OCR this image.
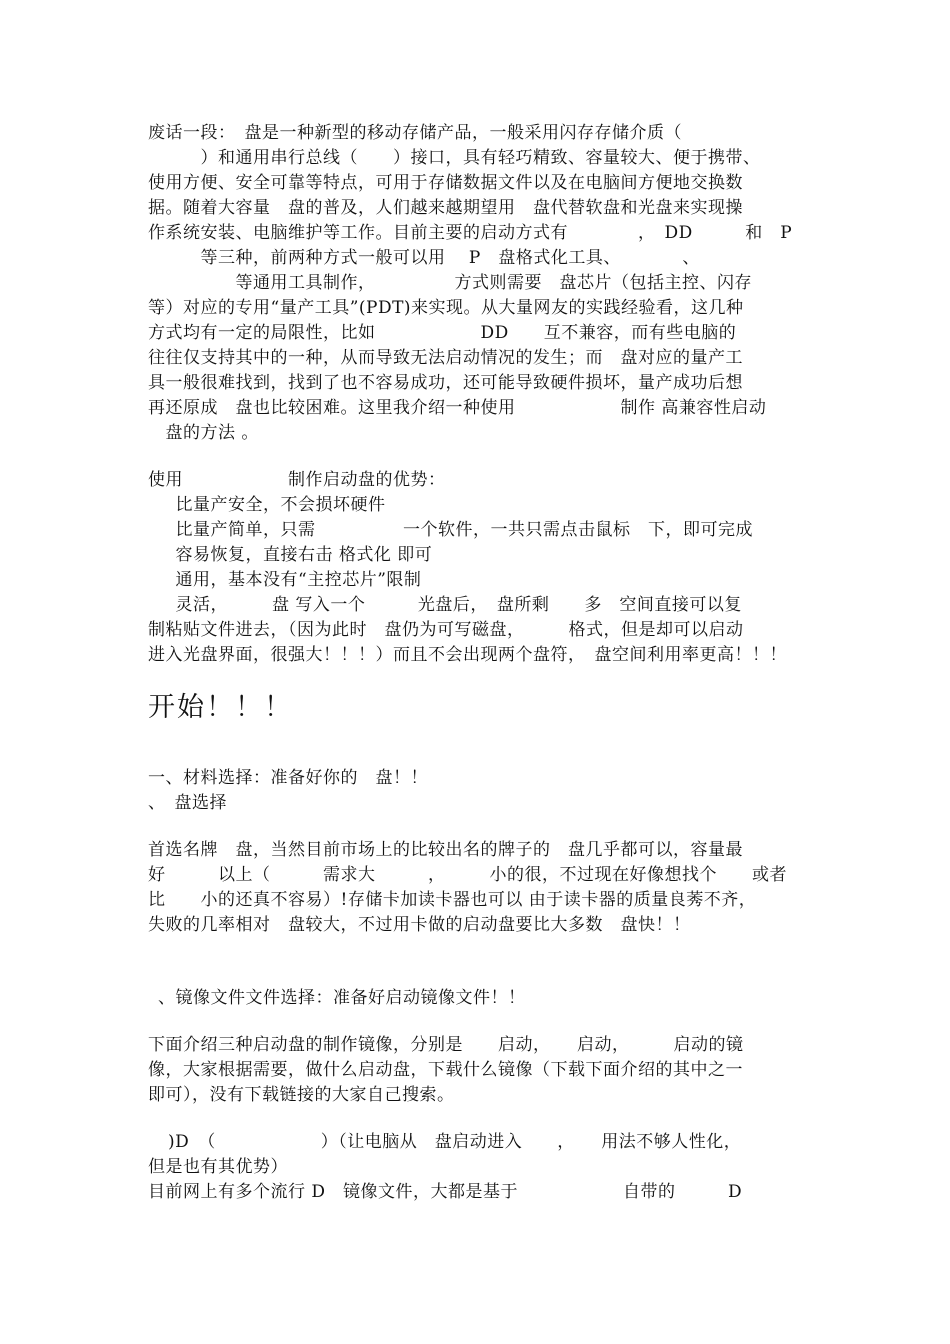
废话一段：　盘是一种新型的移动存储产品，一般采用闪存存储介质（
　　　）和通用串行总线（　　）接口，具有轻巧精致、容量较大、便于携带、
使用方便、安全可靠等特点，可用于存储数据文件以及在电脑间方便地交换数
据。随着大容量　盘的普及，人们越来越期望用　盘代替软盘和光盘来实现操
作系统安装、电脑维护等工作。目前主要的启动方式有　　　　，　DD　　　和　P
　　　等三种，前两种方式一般可以用　 P　盘格式化工具、　　　　、
　　　　　等通用工具制作，　　　　　方式则需要　盘芯片（包括主控、闪存
等）对应的专用“量产工具”(PDT)来实现。从大量网友的实践经验看，这几种
方式均有一定的局限性，比如　　　　　　DD　　互不兼容，而有些电脑的
往往仅支持其中的一种，从而导致无法启动情况的发生；而　盘对应的量产工
具一般很难找到，找到了也不容易成功，还可能导致硬件损坏，量产成功后想
再还原成　盘也比较困难。这里我介绍一种使用　　　　　　制作 高兼容性启动
　盘的方法 。
使用　　　　　　制作启动盘的优势：
　比量产安全，不会损坏硬件
　比量产简单，只需　　　　　一个软件，一共只需点击鼠标　下，即可完成
　容易恢复，直接右击 格式化 即可
　通用，基本没有“主控芯片”限制
　灵活，　　　盘 写入一个　　　光盘后，　盘所剩　　多　空间直接可以复
制粘贴文件进去，（因为此时　盘仍为可写磁盘，　　　格式，但是却可以启动
进入光盘界面，很强大！！！）而且不会出现两个盘符，　盘空间利用率更高！！！
开始！！！
一、材料选择：准备好你的　盘！！
、　盘选择
首选名牌　盘，当然目前市场上的比较出名的牌子的　盘几乎都可以，容量最
好　　　以上（　　　需求大　　　，　　　小的很，不过现在好像想找个　　或者
比　　小的还真不容易）!存储卡加读卡器也可以 由于读卡器的质量良莠不齐，
失败的几率相对　盘较大，不过用卡做的启动盘要比大多数　盘快！！
、镜像文件文件选择：准备好启动镜像文件！！
下面介绍三种启动盘的制作镜像，分别是　　启动，　　启动，　　　启动的镜
像，大家根据需要，做什么启动盘，下载什么镜像（下载下面介绍的其中之一
即可），没有下载链接的大家自己搜索。
)D　（　　　　　　）（让电脑从　盘启动进入　　，　　用法不够人性化，
但是也有其优势）
目前网上有多个流行 D　镜像文件，大都是基于　　　　　　自带的　　　D
